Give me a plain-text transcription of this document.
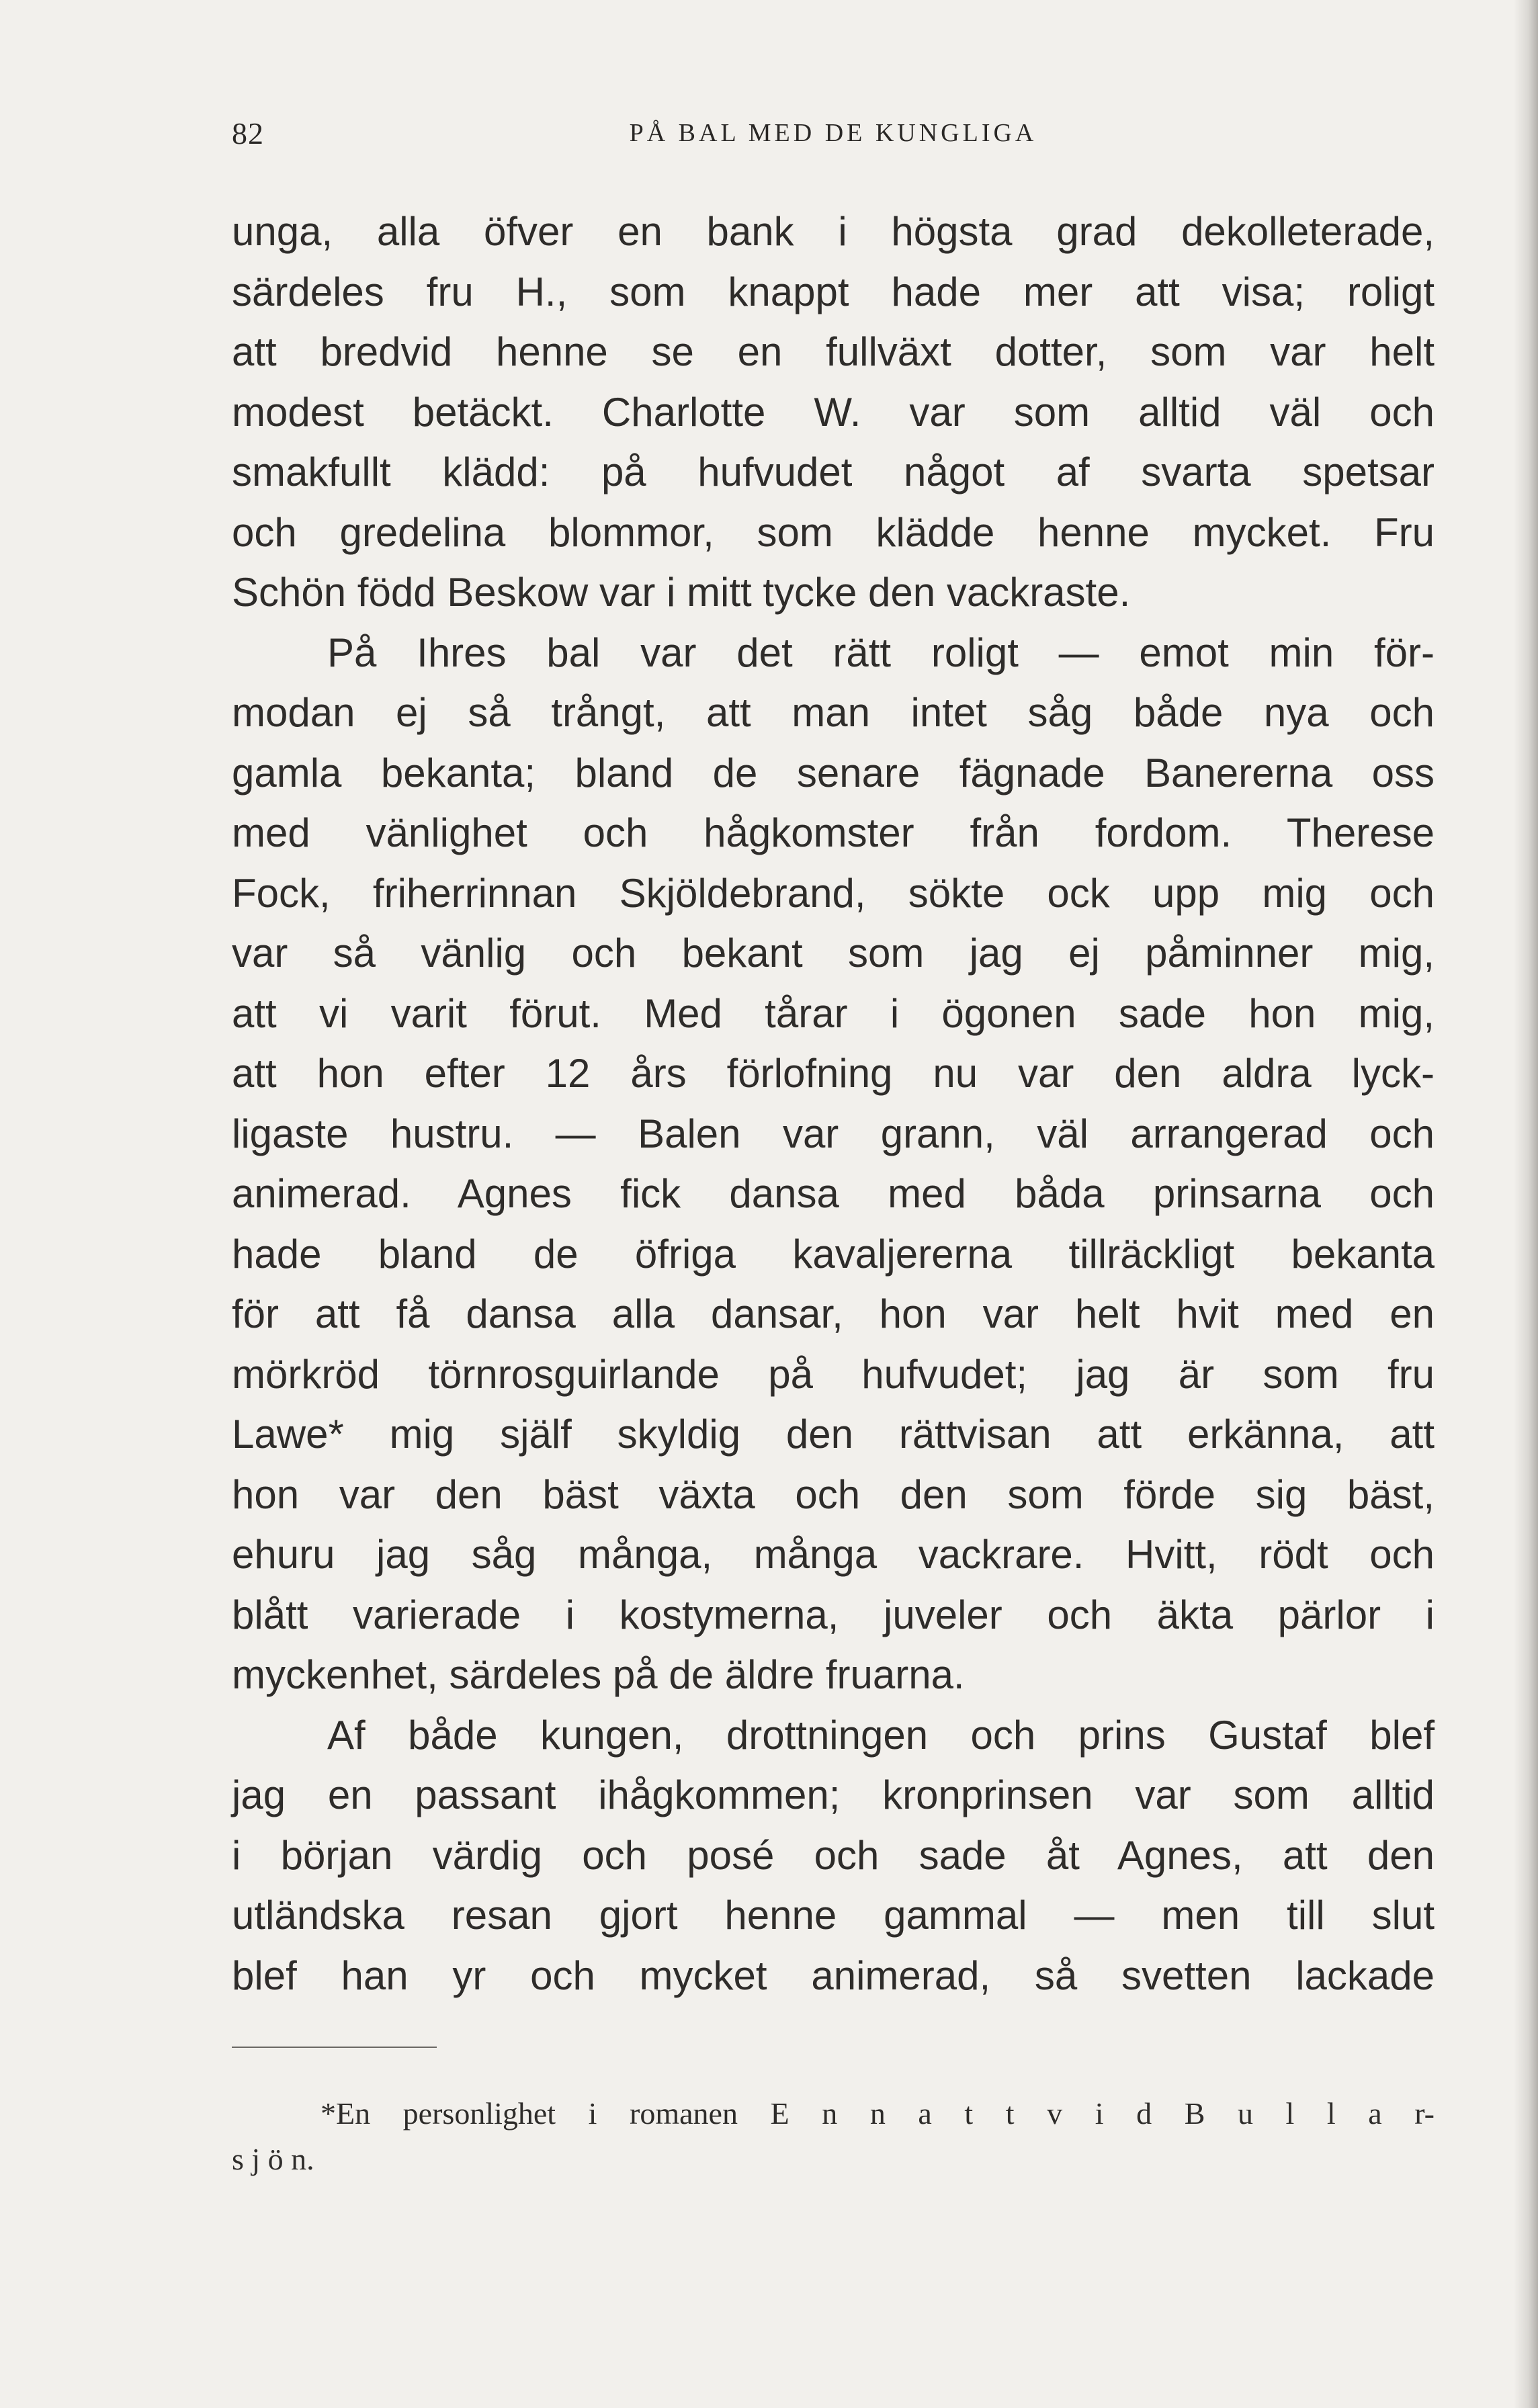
82	PÅ BAL MED DE KUNGLIGA
unga, alla öfver en bank i högsta grad dekolleterade,
särdeles fru H., som knappt hade mer att visa; roligt
att bredvid henne se en fullväxt dotter, som var helt
modest betäckt. Charlotte W. var som alltid väl och
smakfullt klädd: på hufvudet något af svarta spetsar
och gredelina blommor, som klädde henne mycket. Fru
Schön född Beskow var i mitt tycke den vackraste.
På Ihres bal var det rätt roligt — emot min för-
modan ej så trångt, att man intet såg både nya och
gamla bekanta; bland de senare fägnade Banererna oss
med vänlighet och hågkomster från fordom. Therese
Fock, friherrinnan Skjöldebrand, sökte ock upp mig och
var så vänlig och bekant som jag ej påminner mig,
att vi varit förut. Med tårar i ögonen sade hon mig,
att hon efter 12 års förlofning nu var den aldra lyck-
ligaste hustru. — Balen var grann, väl arrangerad och
animerad. Agnes fick dansa med båda prinsarna och
hade bland de öfriga kavaljererna tillräckligt bekanta
för att få dansa alla dansar, hon var helt hvit med en
mörkröd törnrosguirlande på hufvudet; jag är som fru
Lawe* mig själf skyldig den rättvisan att erkänna, att
hon var den bäst växta och den som förde sig bäst,
ehuru jag såg många, många vackrare. Hvitt, rödt och
blått varierade i kostymerna, juveler och äkta pärlor i
myckenhet, särdeles på de äldre fruarna.
Af både kungen, drottningen och prins Gustaf blef
jag en passant ihågkommen; kronprinsen var som alltid
i början värdig och posé och sade åt Agnes, att den
utländska resan gjort henne gammal — men till slut
blef han yr och mycket animerad, så svetten lackade
*En personlighet i romanen E n n a t t v i d B u l l a r-
s j ö n.
